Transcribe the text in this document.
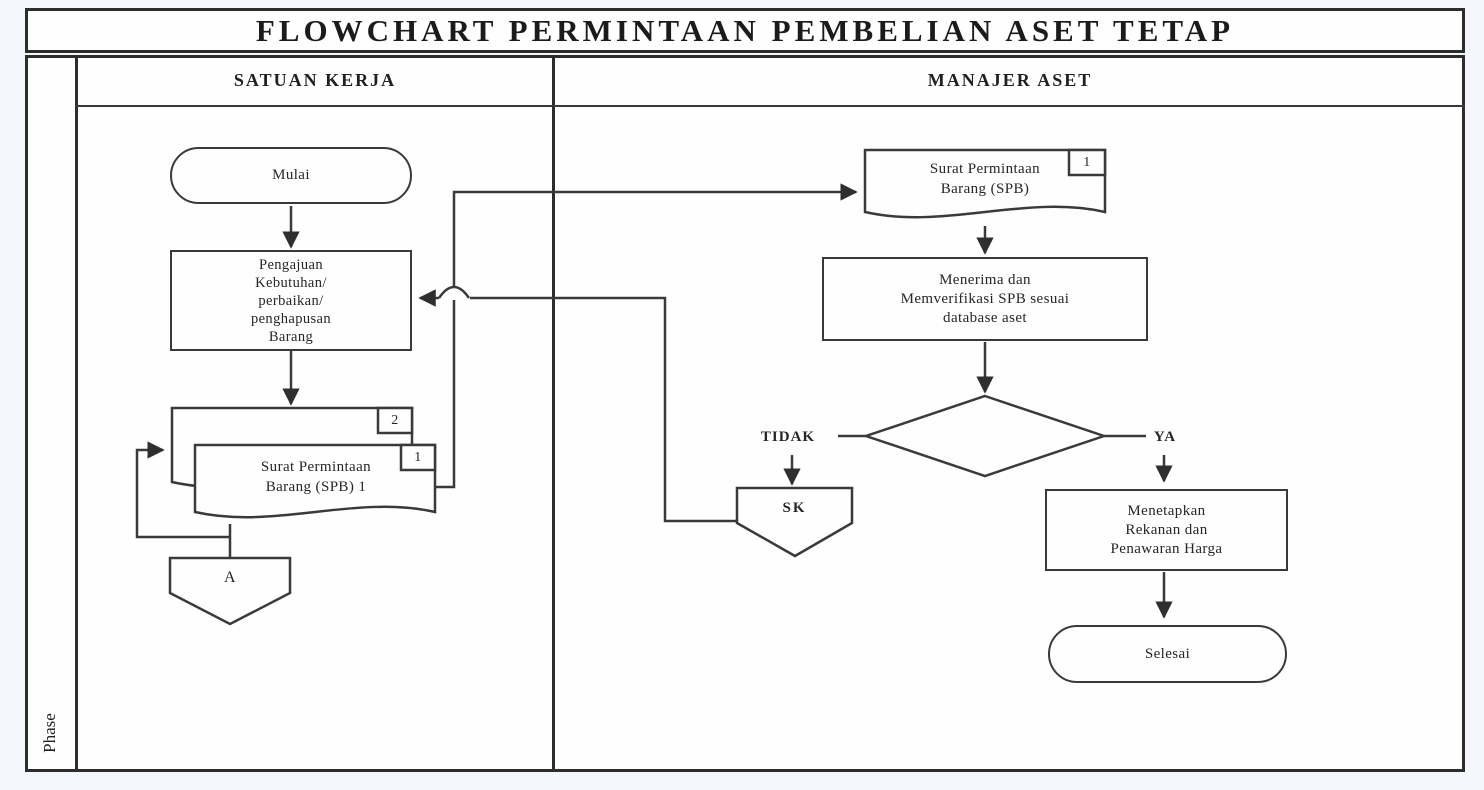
FLOWCHART PERMINTAAN PEMBELIAN ASET TETAP
SATUAN KERJA	MANAJER ASET
Phase
Mulai
Pengajuan
Kebutuhan/
perbaikan/
penghapusan
Barang
Menerima dan
Memverifikasi SPB sesuai
database aset
Menetapkan
Rekanan dan
Penawaran Harga
Selesai
Surat Permintaan
Barang (SPB) 1
Surat Permintaan
Barang (SPB)
2
1
1
A
SK
TIDAK	YA
